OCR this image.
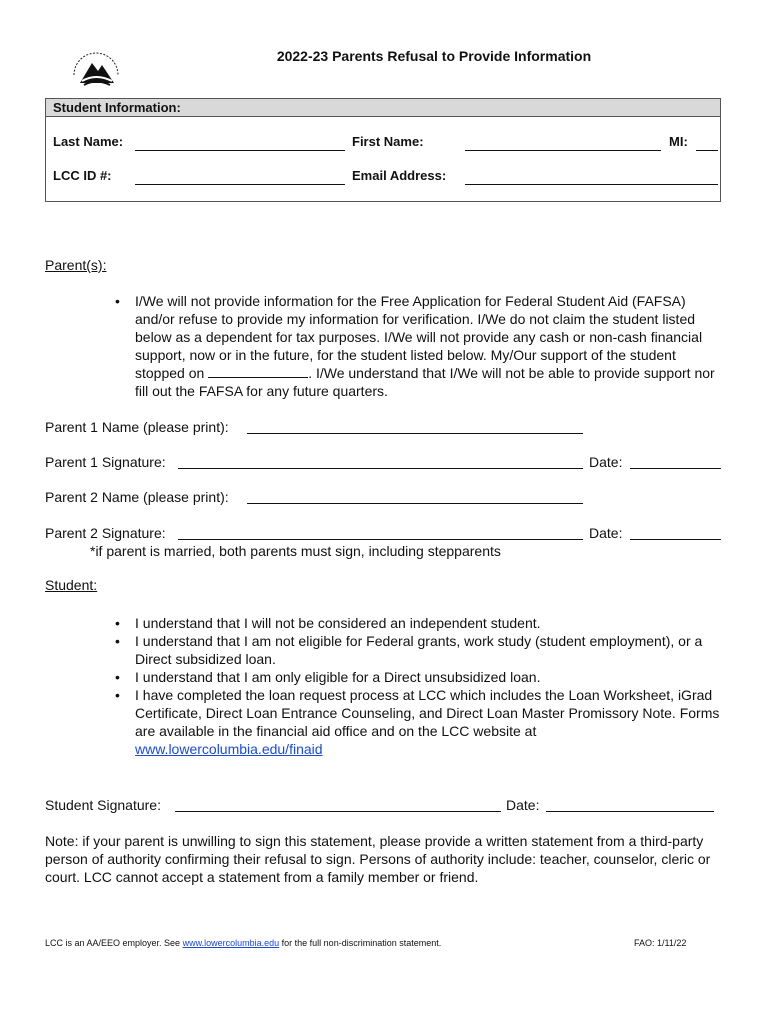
2022-23 Parents Refusal to Provide Information
Student Information:
Last Name:	First Name:	MI:
LCC ID #:	Email Address:
Parent(s):
• I/We will not provide information for the Free Application for Federal Student Aid (FAFSA) and/or refuse to provide my information for verification. I/We do not claim the student listed below as a dependent for tax purposes. I/We will not provide any cash or non-cash financial support, now or in the future, for the student listed below. My/Our support of the student stopped on	. I/We understand that I/We will not be able to provide support nor fill out the FAFSA for any future quarters.
Parent 1 Name (please print):
Parent 1 Signature:	Date:
Parent 2 Name (please print):
Parent 2 Signature:	Date:
*if parent is married, both parents must sign, including stepparents
Student:
• I understand that I will not be considered an independent student.
• I understand that I am not eligible for Federal grants, work study (student employment), or a Direct subsidized loan.
• I understand that I am only eligible for a Direct unsubsidized loan.
• I have completed the loan request process at LCC which includes the Loan Worksheet, iGrad Certificate, Direct Loan Entrance Counseling, and Direct Loan Master Promissory Note. Forms are available in the financial aid office and on the LCC website at www.lowercolumbia.edu/finaid
Student Signature:	Date:
Note: if your parent is unwilling to sign this statement, please provide a written statement from a third-party person of authority confirming their refusal to sign. Persons of authority include: teacher, counselor, cleric or court. LCC cannot accept a statement from a family member or friend.
LCC is an AA/EEO employer. See www.lowercolumbia.edu for the full non-discrimination statement.	FAO: 1/11/22
